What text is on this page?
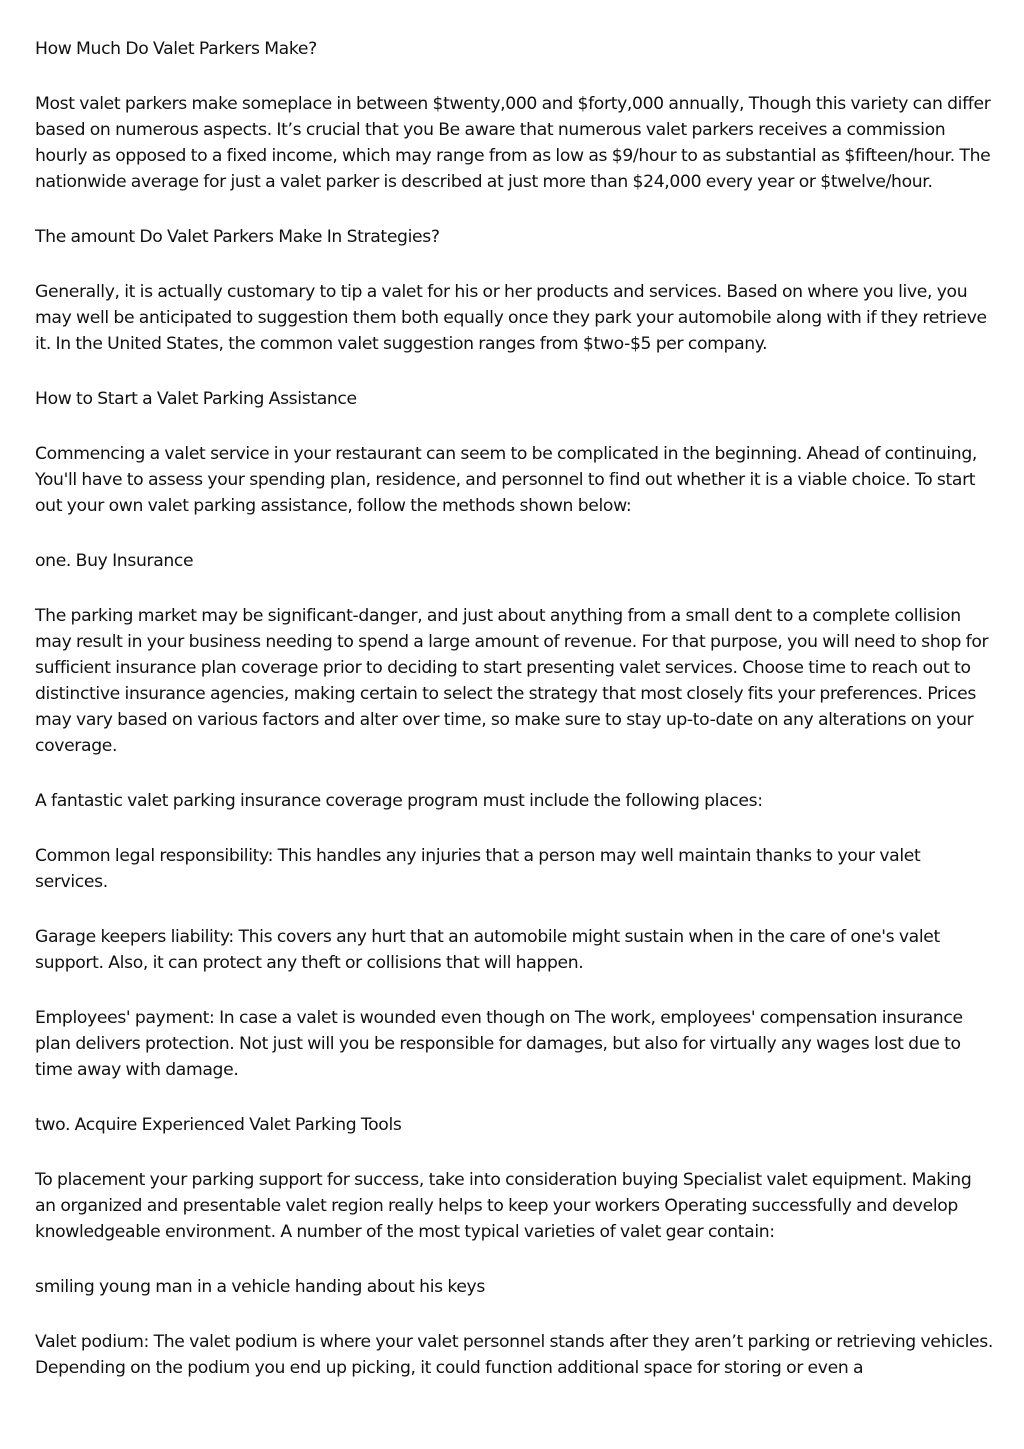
How Much Do Valet Parkers Make?

Most valet parkers make someplace in between $twenty,000 and $forty,000 annually, Though this variety can differ based on numerous aspects. It’s crucial that you Be aware that numerous valet parkers receives a commission hourly as opposed to a fixed income, which may range from as low as $9/hour to as substantial as $fifteen/hour. The nationwide average for just a valet parker is described at just more than $24,000 every year or $twelve/hour.

The amount Do Valet Parkers Make In Strategies?

Generally, it is actually customary to tip a valet for his or her products and services. Based on where you live, you may well be anticipated to suggestion them both equally once they park your automobile along with if they retrieve it. In the United States, the common valet suggestion ranges from $two-$5 per company.

How to Start a Valet Parking Assistance

Commencing a valet service in your restaurant can seem to be complicated in the beginning. Ahead of continuing, You'll have to assess your spending plan, residence, and personnel to find out whether it is a viable choice. To start out your own valet parking assistance, follow the methods shown below:

one. Buy Insurance

The parking market may be significant-danger, and just about anything from a small dent to a complete collision may result in your business needing to spend a large amount of revenue. For that purpose, you will need to shop for sufficient insurance plan coverage prior to deciding to start presenting valet services. Choose time to reach out to distinctive insurance agencies, making certain to select the strategy that most closely fits your preferences. Prices may vary based on various factors and alter over time, so make sure to stay up-to-date on any alterations on your coverage.

A fantastic valet parking insurance coverage program must include the following places:

Common legal responsibility: This handles any injuries that a person may well maintain thanks to your valet services.

Garage keepers liability: This covers any hurt that an automobile might sustain when in the care of one's valet support. Also, it can protect any theft or collisions that will happen.

Employees' payment: In case a valet is wounded even though on The work, employees' compensation insurance plan delivers protection. Not just will you be responsible for damages, but also for virtually any wages lost due to time away with damage.

two. Acquire Experienced Valet Parking Tools

To placement your parking support for success, take into consideration buying Specialist valet equipment. Making an organized and presentable valet region really helps to keep your workers Operating successfully and develop knowledgeable environment. A number of the most typical varieties of valet gear contain:

smiling young man in a vehicle handing about his keys

Valet podium: The valet podium is where your valet personnel stands after they aren’t parking or retrieving vehicles. Depending on the podium you end up picking, it could function additional space for storing or even a
